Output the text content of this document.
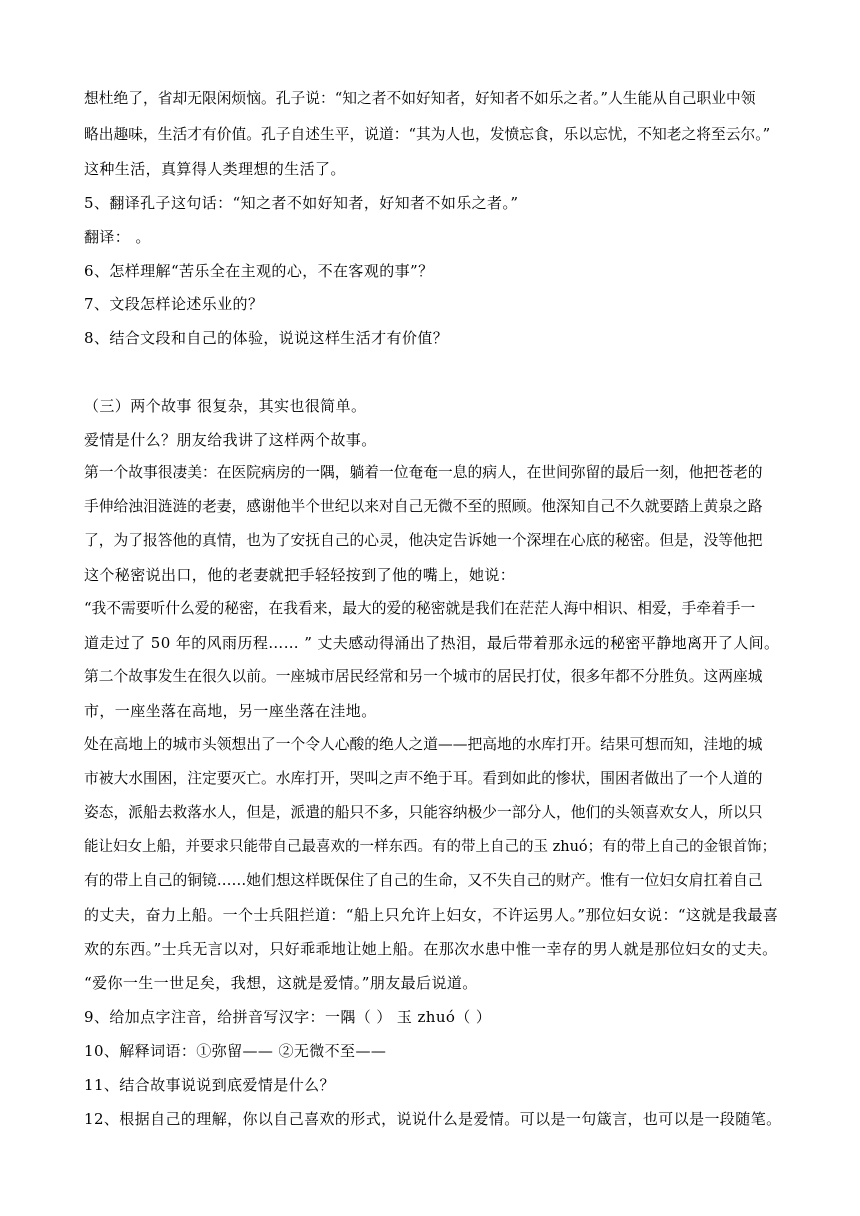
想杜绝了，省却无限闲烦恼。孔子说：“知之者不如好知者，好知者不如乐之者。”人生能从自己职业中领
略出趣味，生活才有价值。孔子自述生平，说道：“其为人也，发愤忘食，乐以忘忧，不知老之将至云尔。”
这种生活，真算得人类理想的生活了。
5、翻译孔子这句话：“知之者不如好知者，好知者不如乐之者。”
翻译： 。
6、怎样理解“苦乐全在主观的心，不在客观的事”？
7、文段怎样论述乐业的？
8、结合文段和自己的体验，说说这样生活才有价值？
（三）两个故事 很复杂，其实也很简单。
爱情是什么？朋友给我讲了这样两个故事。
第一个故事很凄美：在医院病房的一隅，躺着一位奄奄一息的病人，在世间弥留的最后一刻，他把苍老的
手伸给浊泪涟涟的老妻，感谢他半个世纪以来对自己无微不至的照顾。他深知自己不久就要踏上黄泉之路
了，为了报答他的真情，也为了安抚自己的心灵，他决定告诉她一个深埋在心底的秘密。但是，没等他把
这个秘密说出口，他的老妻就把手轻轻按到了他的嘴上，她说：
“我不需要听什么爱的秘密，在我看来，最大的爱的秘密就是我们在茫茫人海中相识、相爱，手牵着手一
道走过了 50 年的风雨历程…… ” 丈夫感动得涌出了热泪，最后带着那永远的秘密平静地离开了人间。
第二个故事发生在很久以前。一座城市居民经常和另一个城市的居民打仗，很多年都不分胜负。这两座城
市，一座坐落在高地，另一座坐落在洼地。
处在高地上的城市头领想出了一个令人心酸的绝人之道——把高地的水库打开。结果可想而知，洼地的城
市被大水围困，注定要灭亡。水库打开，哭叫之声不绝于耳。看到如此的惨状，围困者做出了一个人道的
姿态，派船去救落水人，但是，派遣的船只不多，只能容纳极少一部分人，他们的头领喜欢女人，所以只
能让妇女上船，并要求只能带自己最喜欢的一样东西。有的带上自己的玉 zhuó；有的带上自己的金银首饰；
有的带上自己的铜镜……她们想这样既保住了自己的生命，又不失自己的财产。惟有一位妇女肩扛着自己
的丈夫，奋力上船。一个士兵阻拦道：“船上只允许上妇女，不许运男人。”那位妇女说：“这就是我最喜
欢的东西。”士兵无言以对，只好乖乖地让她上船。在那次水患中惟一幸存的男人就是那位妇女的丈夫。
“爱你一生一世足矣，我想，这就是爱情。”朋友最后说道。
9、给加点字注音，给拼音写汉字：一隅（ ） 玉 zhuó（ ）
10、解释词语：①弥留—— ②无微不至——
11、结合故事说说到底爱情是什么？
12、根据自己的理解，你以自己喜欢的形式，说说什么是爱情。可以是一句箴言，也可以是一段随笔。
